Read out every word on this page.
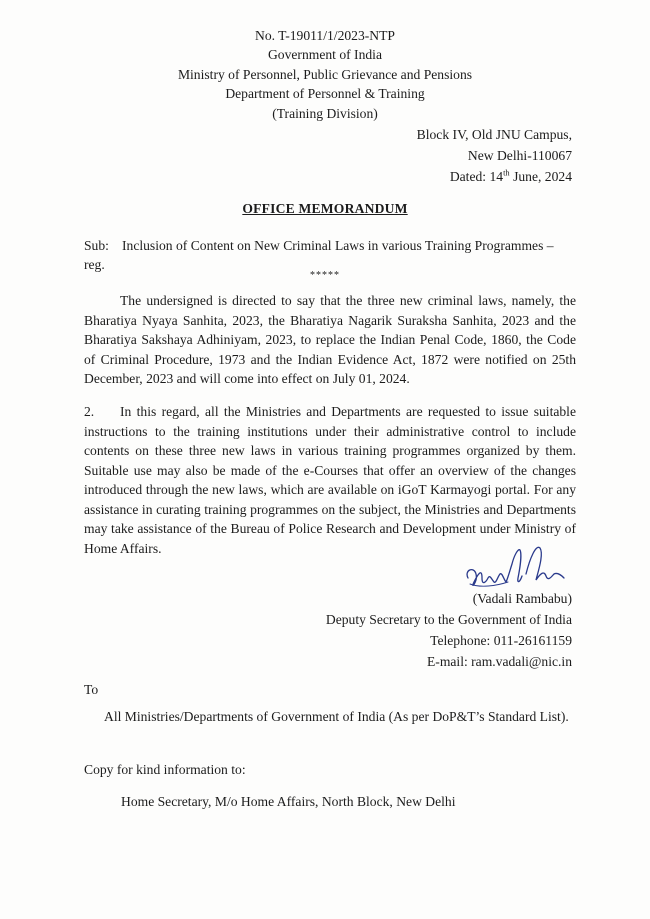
No. T-19011/1/2023-NTP
Government of India
Ministry of Personnel, Public Grievance and Pensions
Department of Personnel & Training
(Training Division)
Block IV, Old JNU Campus,
New Delhi-110067
Dated: 14th June, 2024
OFFICE MEMORANDUM
Sub: Inclusion of Content on New Criminal Laws in various Training Programmes – reg.
*****
The undersigned is directed to say that the three new criminal laws, namely, the Bharatiya Nyaya Sanhita, 2023, the Bharatiya Nagarik Suraksha Sanhita, 2023 and the Bharatiya Sakshaya Adhiniyam, 2023, to replace the Indian Penal Code, 1860, the Code of Criminal Procedure, 1973 and the Indian Evidence Act, 1872 were notified on 25th December, 2023 and will come into effect on July 01, 2024.
2. In this regard, all the Ministries and Departments are requested to issue suitable instructions to the training institutions under their administrative control to include contents on these three new laws in various training programmes organized by them. Suitable use may also be made of the e-Courses that offer an overview of the changes introduced through the new laws, which are available on iGoT Karmayogi portal. For any assistance in curating training programmes on the subject, the Ministries and Departments may take assistance of the Bureau of Police Research and Development under Ministry of Home Affairs.
(Vadali Rambabu)
Deputy Secretary to the Government of India
Telephone: 011-26161159
E-mail: ram.vadali@nic.in
To
All Ministries/Departments of Government of India (As per DoP&T’s Standard List).
Copy for kind information to:
Home Secretary, M/o Home Affairs, North Block, New Delhi
